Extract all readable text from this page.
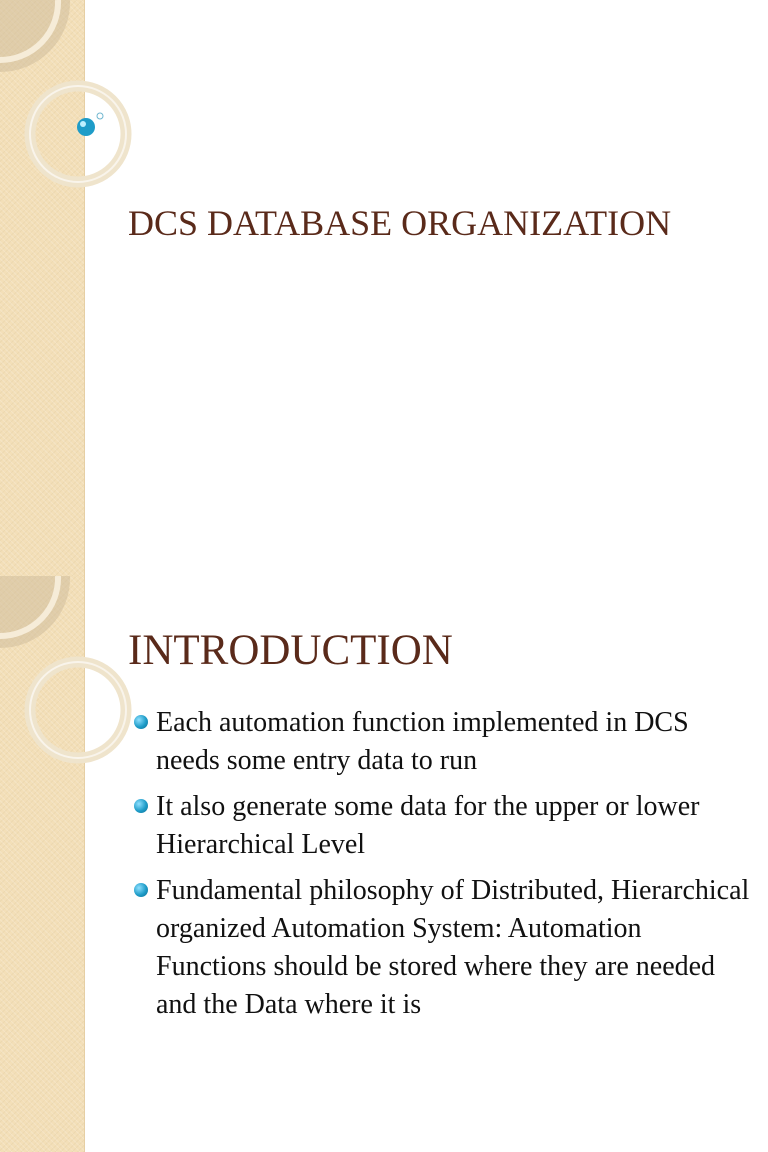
DCS DATABASE ORGANIZATION
INTRODUCTION
Each automation function implemented in DCS needs some entry data to run
It also generate some data for the upper or lower Hierarchical Level
Fundamental philosophy of Distributed, Hierarchical organized Automation System: Automation Functions should be stored where they are needed and the Data where it is
